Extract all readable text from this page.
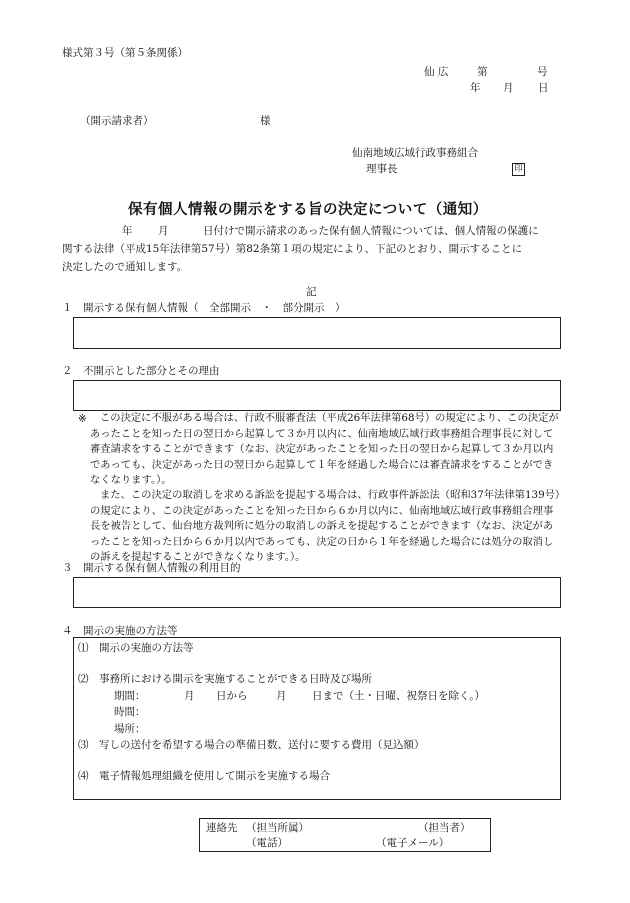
様式第３号（第５条関係）
仙 広	第	号
年 月 日
（開示請求者）	様
仙南地域広域行政事務組合
理事長	印
保有個人情報の開示をする旨の決定について（通知）
年 月	日付けで開示請求のあった保有個人情報については、個人情報の保護に
関する法律（平成15年法律第57号）第82条第１項の規定により、下記のとおり、開示することに
決定したので通知します。
記
１　開示する保有個人情報（　全部開示　・　部分開示　）
２　不開示とした部分とその理由
※	この決定に不服がある場合は、行政不服審査法（平成26年法律第68号）の規定により、この決定があったことを知った日の翌日から起算して３か月以内に、仙南地域広域行政事務組合理事長に対して審査請求をすることができます（なお、決定があったことを知った日の翌日から起算して３か月以内であっても、決定があった日の翌日から起算して１年を経過した場合には審査請求をすることができなくなります。）。
また、この決定の取消しを求める訴訟を提起する場合は、行政事件訴訟法（昭和37年法律第139号）の規定により、この決定があったことを知った日から６か月以内に、仙南地域広域行政事務組合理事長を被告として、仙台地方裁判所に処分の取消しの訴えを提起することができます（なお、決定があったことを知った日から６か月以内であっても、決定の日から１年を経過した場合には処分の取消しの訴えを提起することができなくなります。）。
３　開示する保有個人情報の利用目的
４　開示の実施の方法等
⑴　開示の実施の方法等
⑵　事務所における開示を実施することができる日時及び場所
期間：	月 日から	月 日まで（土・日曜、祝祭日を除く。）
時間：
場所：
⑶　写しの送付を希望する場合の準備日数、送付に要する費用（見込額）
⑷　電子情報処理組織を使用して開示を実施する場合
連絡先 （担当所属）	（担当者）
（電話）	（電子メール）
